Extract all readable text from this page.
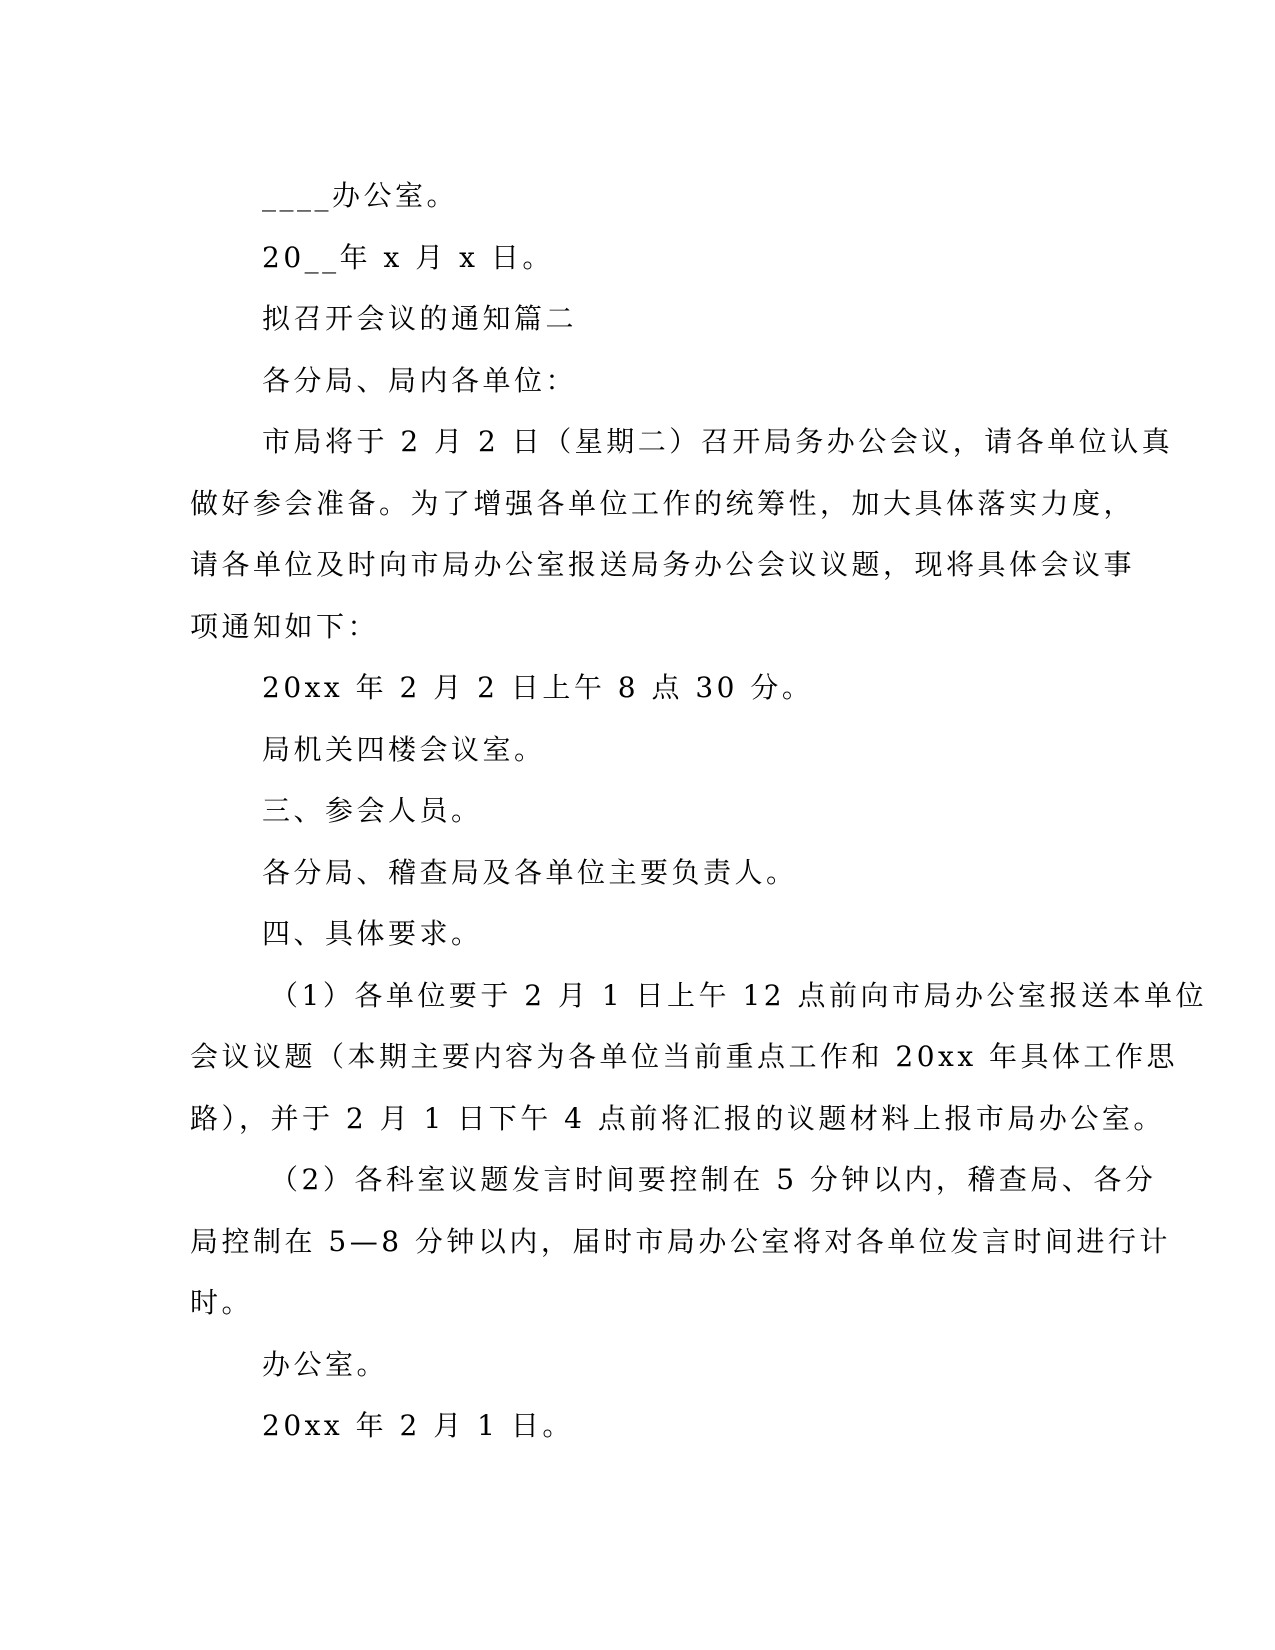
____办公室。
20__年 x 月 x 日。
拟召开会议的通知篇二
各分局、局内各单位：
市局将于 2 月 2 日（星期二）召开局务办公会议，请各单位认真
做好参会准备。为了增强各单位工作的统筹性，加大具体落实力度，
请各单位及时向市局办公室报送局务办公会议议题，现将具体会议事
项通知如下：
20xx 年 2 月 2 日上午 8 点 30 分。
局机关四楼会议室。
三、参会人员。
各分局、稽查局及各单位主要负责人。
四、具体要求。
（1）各单位要于 2 月 1 日上午 12 点前向市局办公室报送本单位
会议议题（本期主要内容为各单位当前重点工作和 20xx 年具体工作思
路），并于 2 月 1 日下午 4 点前将汇报的议题材料上报市局办公室。
（2）各科室议题发言时间要控制在 5 分钟以内，稽查局、各分
局控制在 5—8 分钟以内，届时市局办公室将对各单位发言时间进行计
时。
办公室。
20xx 年 2 月 1 日。
